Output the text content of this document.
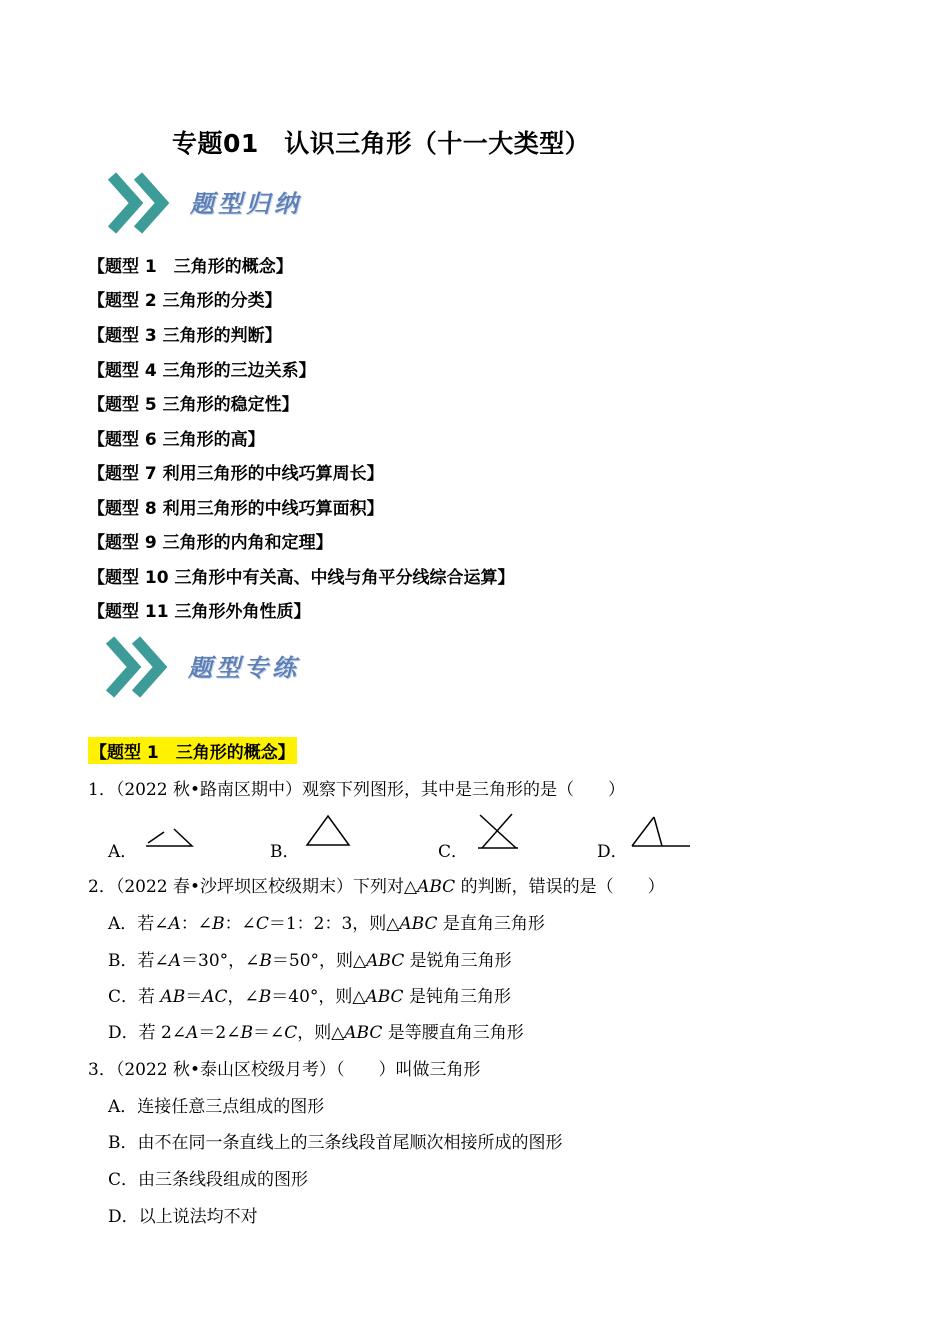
专题01　认识三角形（十一大类型）
题型归纳
【题型 1　三角形的概念】
【题型 2 三角形的分类】
【题型 3 三角形的判断】
【题型 4 三角形的三边关系】
【题型 5 三角形的稳定性】
【题型 6 三角形的高】
【题型 7 利用三角形的中线巧算周长】
【题型 8 利用三角形的中线巧算面积】
【题型 9 三角形的内角和定理】
【题型 10 三角形中有关高、中线与角平分线综合运算】
【题型 11 三角形外角性质】
题型专练
【题型 1　三角形的概念】
1．（2022 秋•路南区期中）观察下列图形，其中是三角形的是（　　）
A．	B．	C．	D．
2．（2022 春•沙坪坝区校级期末）下列对△ABC 的判断，错误的是（　　）
A．若∠A：∠B：∠C＝1：2：3，则△ABC 是直角三角形
B．若∠A＝30°，∠B＝50°，则△ABC 是锐角三角形
C．若 AB＝AC，∠B＝40°，则△ABC 是钝角三角形
D．若 2∠A＝2∠B＝∠C，则△ABC 是等腰直角三角形
3．（2022 秋•泰山区校级月考）（　　）叫做三角形
A．连接任意三点组成的图形
B．由不在同一条直线上的三条线段首尾顺次相接所成的图形
C．由三条线段组成的图形
D．以上说法均不对
